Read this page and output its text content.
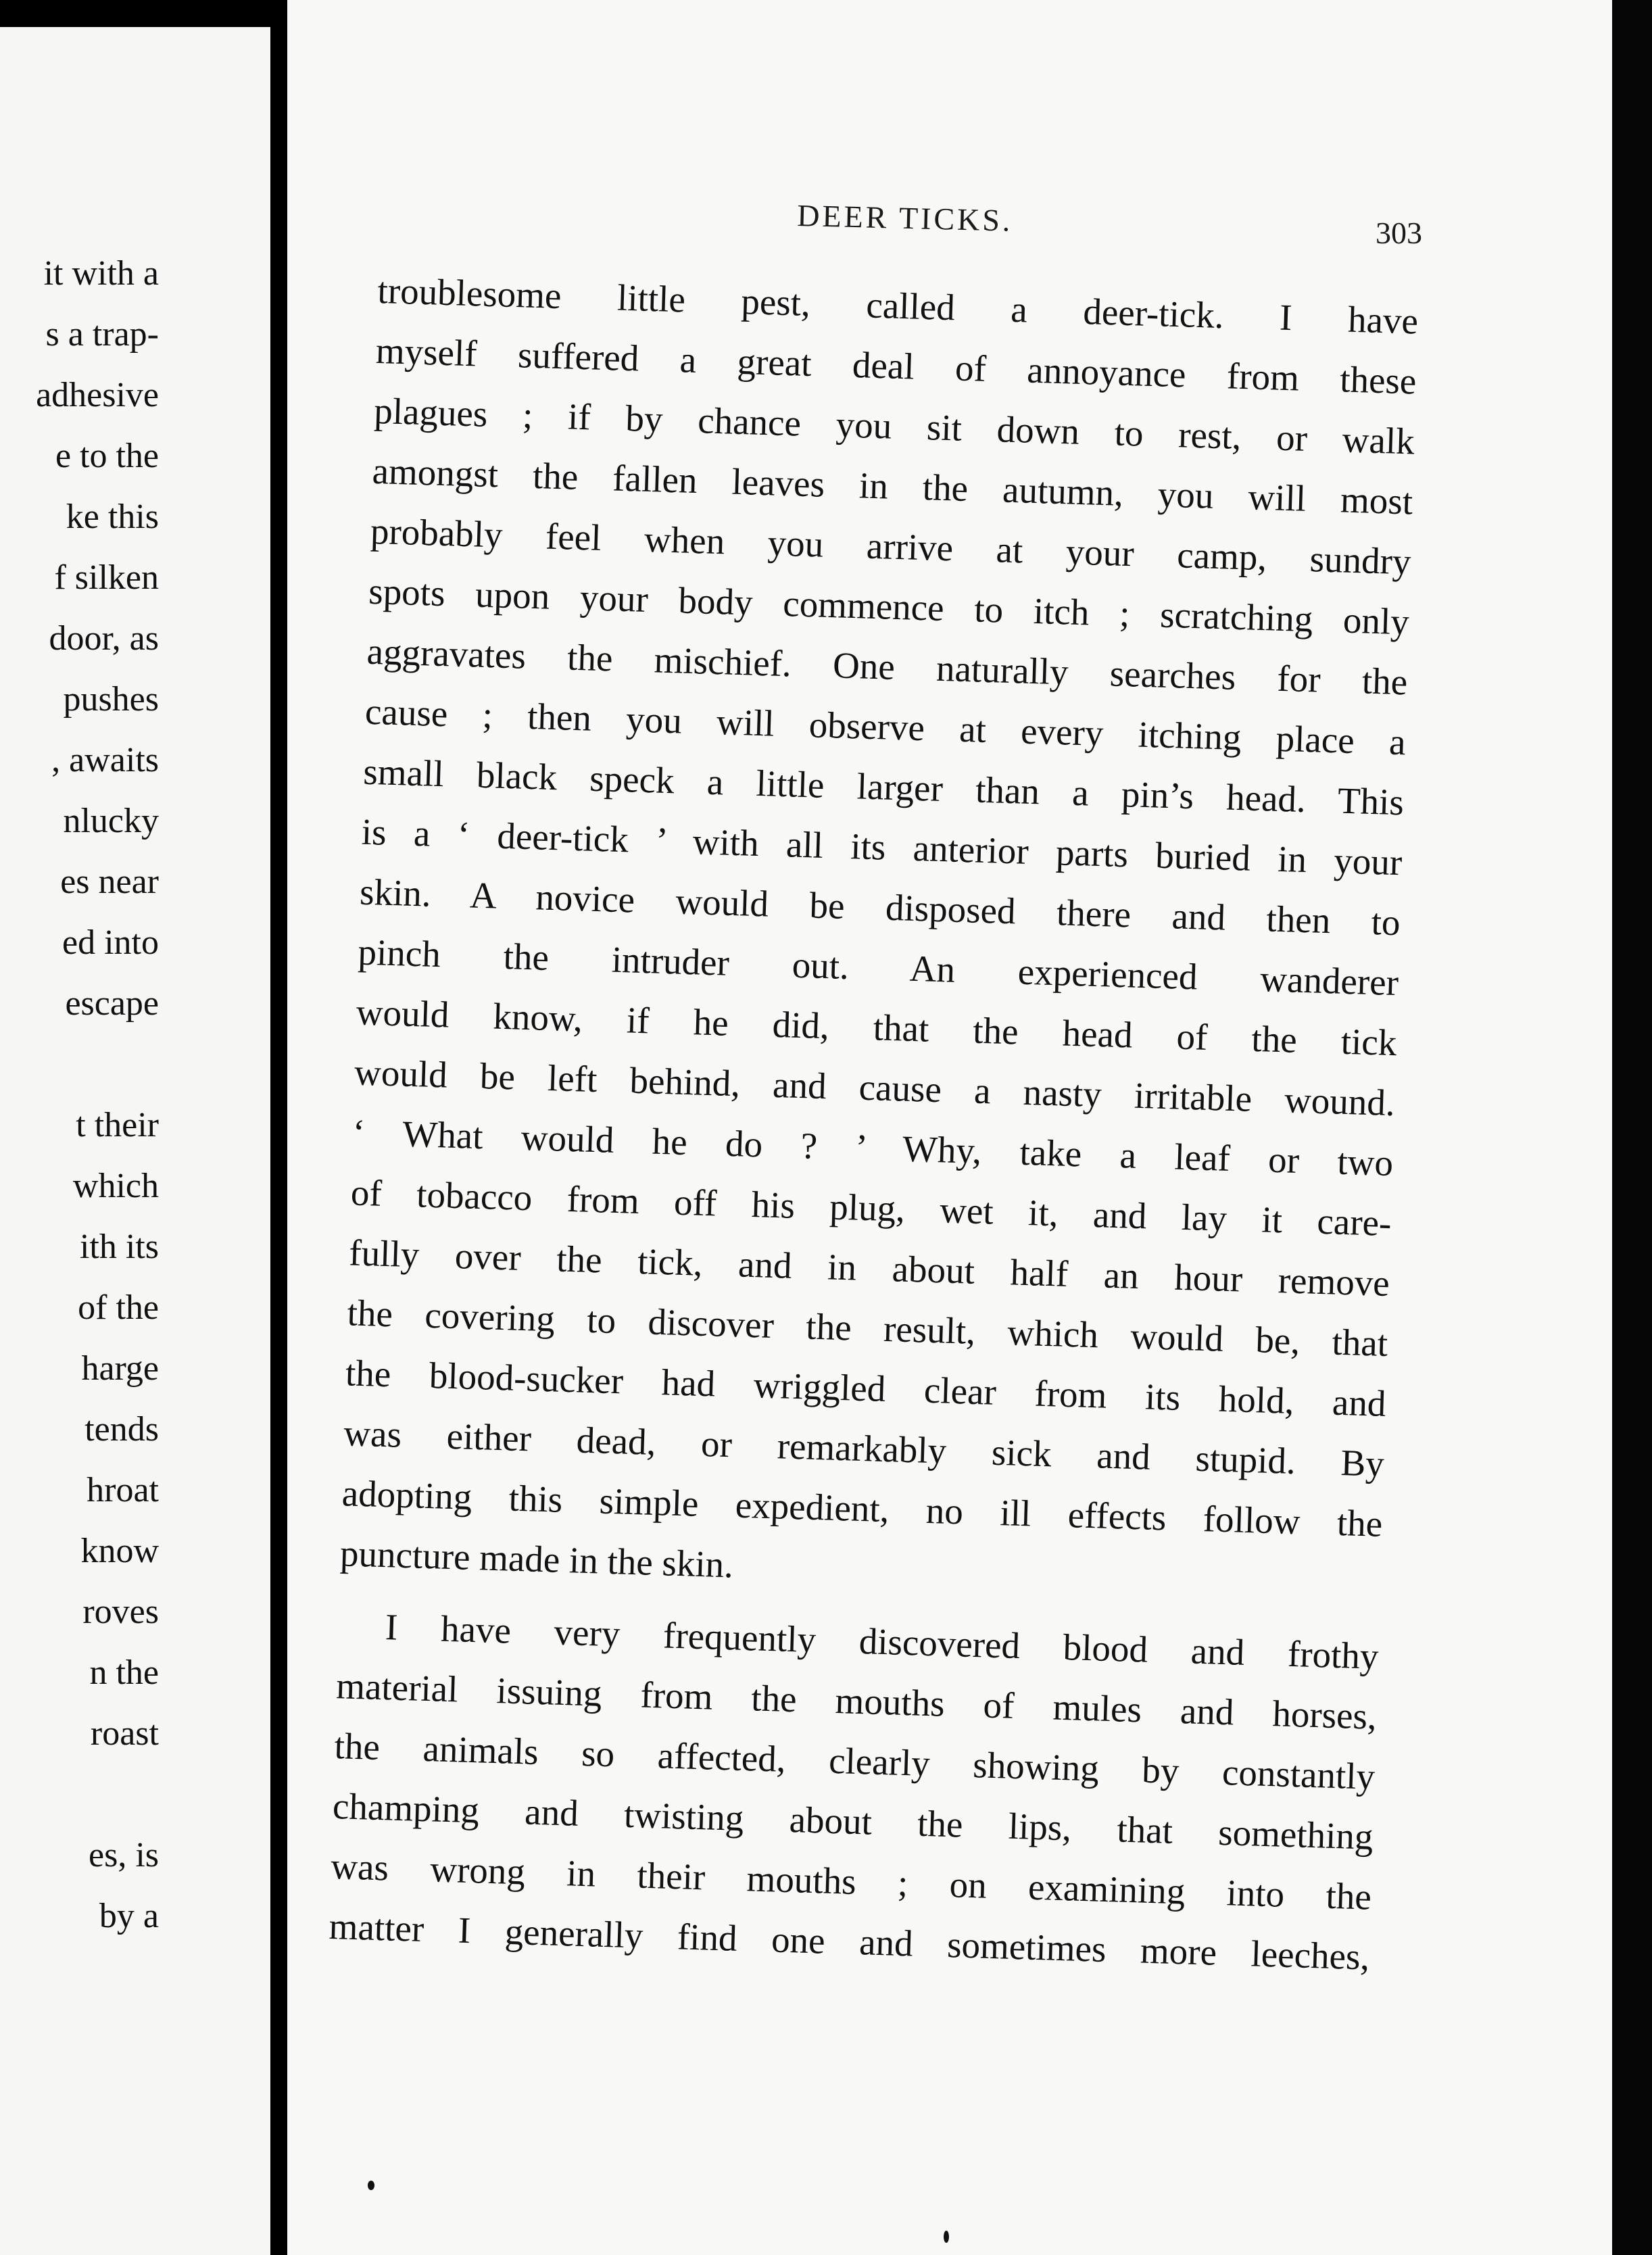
it with a
s a trap-
adhesive
e to the
ke this
f silken
door, as
pushes
, awaits
nlucky
es near
ed into
escape
t their
which
ith its
of the
harge
tends
hroat
know
roves
n the
roast
es, is
by a
DEER TICKS.	303
troublesome little pest, called a deer-tick. I have
myself suffered a great deal of annoyance from these
plagues ; if by chance you sit down to rest, or walk
amongst the fallen leaves in the autumn, you will most
probably feel when you arrive at your camp, sundry
spots upon your body commence to itch ; scratching only
aggravates the mischief. One naturally searches for the
cause ; then you will observe at every itching place a
small black speck a little larger than a pin’s head. This
is a ‘ deer-tick ’ with all its anterior parts buried in your
skin. A novice would be disposed there and then to
pinch the intruder out. An experienced wanderer
would know, if he did, that the head of the tick
would be left behind, and cause a nasty irritable wound.
‘ What would he do ? ’ Why, take a leaf or two
of tobacco from off his plug, wet it, and lay it care-
fully over the tick, and in about half an hour remove
the covering to discover the result, which would be, that
the blood-sucker had wriggled clear from its hold, and
was either dead, or remarkably sick and stupid. By
adopting this simple expedient, no ill effects follow the
puncture made in the skin.
I have very frequently discovered blood and frothy
material issuing from the mouths of mules and horses,
the animals so affected, clearly showing by constantly
champing and twisting about the lips, that something
was wrong in their mouths ; on examining into the
matter I generally find one and sometimes more leeches,
